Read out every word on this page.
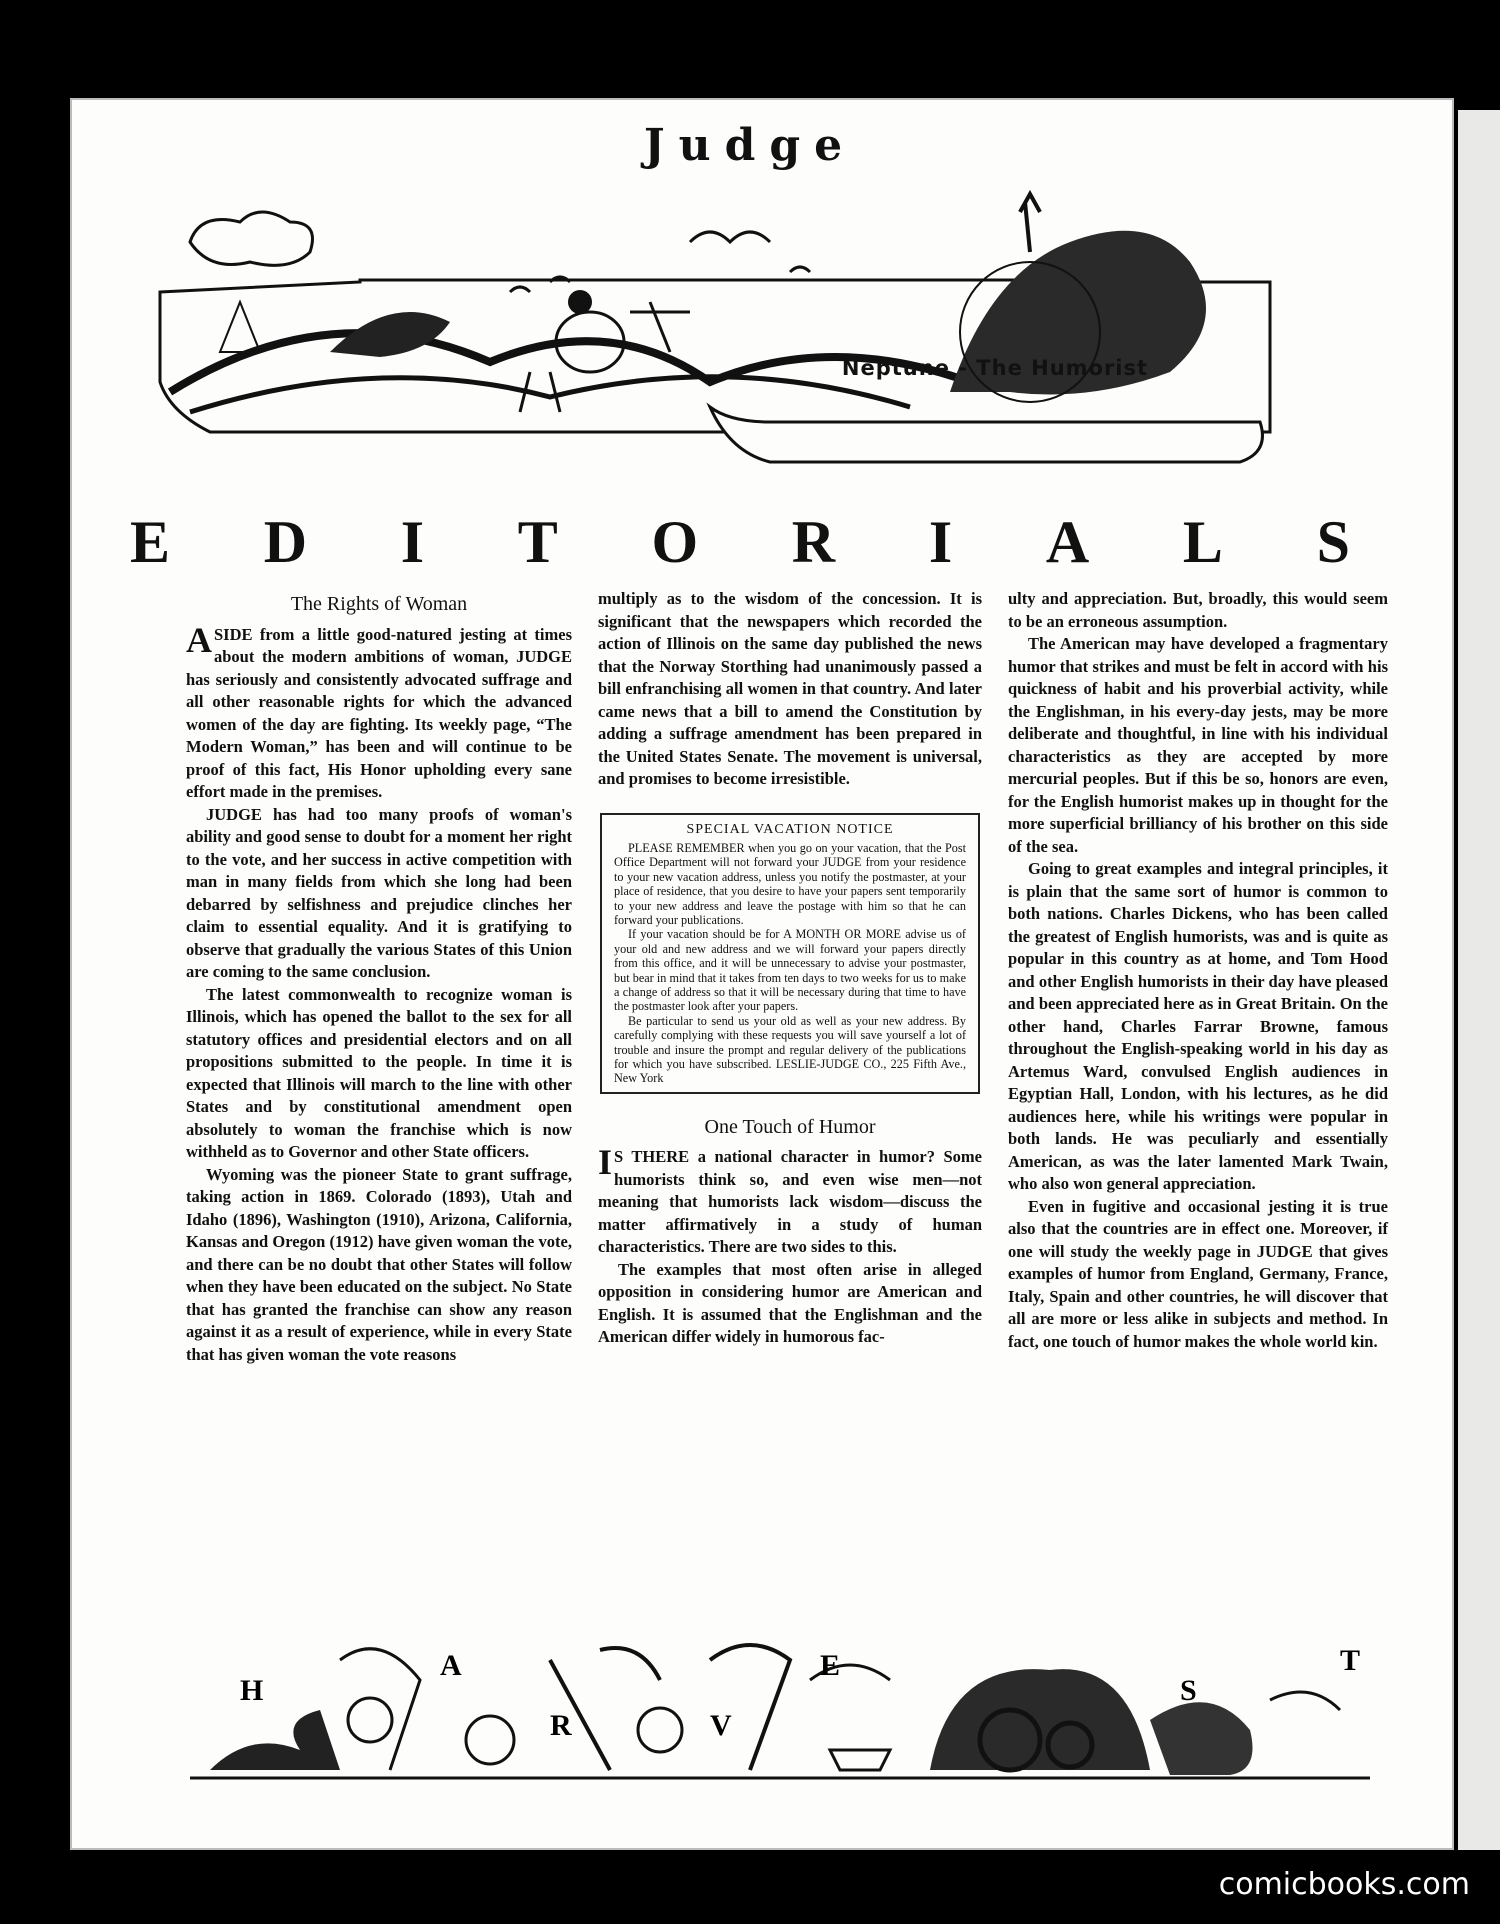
Judge
Neptune - The Humorist
E D I T O R I A L S
The Rights of Woman

ASIDE from a little good-natured jesting at times about the modern ambitions of woman, JUDGE has seriously and consistently advocated suffrage and all other reasonable rights for which the advanced women of the day are fighting. Its weekly page, “The Modern Woman,” has been and will continue to be proof of this fact, His Honor upholding every sane effort made in the premises.

JUDGE has had too many proofs of woman's ability and good sense to doubt for a moment her right to the vote, and her success in active competition with man in many fields from which she long had been debarred by selfishness and prejudice clinches her claim to essential equality. And it is gratifying to observe that gradually the various States of this Union are coming to the same conclusion.

The latest commonwealth to recognize woman is Illinois, which has opened the ballot to the sex for all statutory offices and presidential electors and on all propositions submitted to the people. In time it is expected that Illinois will march to the line with other States and by constitutional amendment open absolutely to woman the franchise which is now withheld as to Governor and other State officers.

Wyoming was the pioneer State to grant suffrage, taking action in 1869. Colorado (1893), Utah and Idaho (1896), Washington (1910), Arizona, California, Kansas and Oregon (1912) have given woman the vote, and there can be no doubt that other States will follow when they have been educated on the subject. No State that has granted the franchise can show any reason against it as a result of experience, while in every State that has given woman the vote reasons

multiply as to the wisdom of the concession. It is significant that the newspapers which recorded the action of Illinois on the same day published the news that the Norway Storthing had unanimously passed a bill enfranchising all women in that country. And later came news that a bill to amend the Constitution by adding a suffrage amendment has been prepared in the United States Senate. The movement is universal, and promises to become irresistible.

SPECIAL VACATION NOTICE

PLEASE REMEMBER when you go on your vacation, that the Post Office Department will not forward your JUDGE from your residence to your new vacation address, unless you notify the postmaster, at your place of residence, that you desire to have your papers sent temporarily to your new address and leave the postage with him so that he can forward your publications.

If your vacation should be for A MONTH OR MORE advise us of your old and new address and we will forward your papers directly from this office, and it will be unnecessary to advise your postmaster, but bear in mind that it takes from ten days to two weeks for us to make a change of address so that it will be necessary during that time to have the postmaster look after your papers.

Be particular to send us your old as well as your new address. By carefully complying with these requests you will save yourself a lot of trouble and insure the prompt and regular delivery of the publications for which you have subscribed. LESLIE-JUDGE CO., 225 Fifth Ave., New York

One Touch of Humor

I S THERE a national character in humor? Some humorists think so, and even wise men—not meaning that humorists lack wisdom—discuss the matter affirmatively in a study of human characteristics. There are two sides to this.

The examples that most often arise in alleged opposition in considering humor are American and English. It is assumed that the Englishman and the American differ widely in humorous fac-

ulty and appreciation. But, broadly, this would seem to be an erroneous assumption.

The American may have developed a fragmentary humor that strikes and must be felt in accord with his quickness of habit and his proverbial activity, while the Englishman, in his every-day jests, may be more deliberate and thoughtful, in line with his individual characteristics as they are accepted by more mercurial peoples. But if this be so, honors are even, for the English humorist makes up in thought for the more superficial brilliancy of his brother on this side of the sea.

Going to great examples and integral principles, it is plain that the same sort of humor is common to both nations. Charles Dickens, who has been called the greatest of English humorists, was and is quite as popular in this country as at home, and Tom Hood and other English humorists in their day have pleased and been appreciated here as in Great Britain. On the other hand, Charles Farrar Browne, famous throughout the English-speaking world in his day as Artemus Ward, convulsed English audiences in Egyptian Hall, London, with his lectures, as he did audiences here, while his writings were popular in both lands. He was peculiarly and essentially American, as was the later lamented Mark Twain, who also won general appreciation.

Even in fugitive and occasional jesting it is true also that the countries are in effect one. Moreover, if one will study the weekly page in JUDGE that gives examples of humor from England, Germany, France, Italy, Spain and other countries, he will discover that all are more or less alike in subjects and method. In fact, one touch of humor makes the whole world kin.

H
A
R	V
E
S
T
comicbooks.com
